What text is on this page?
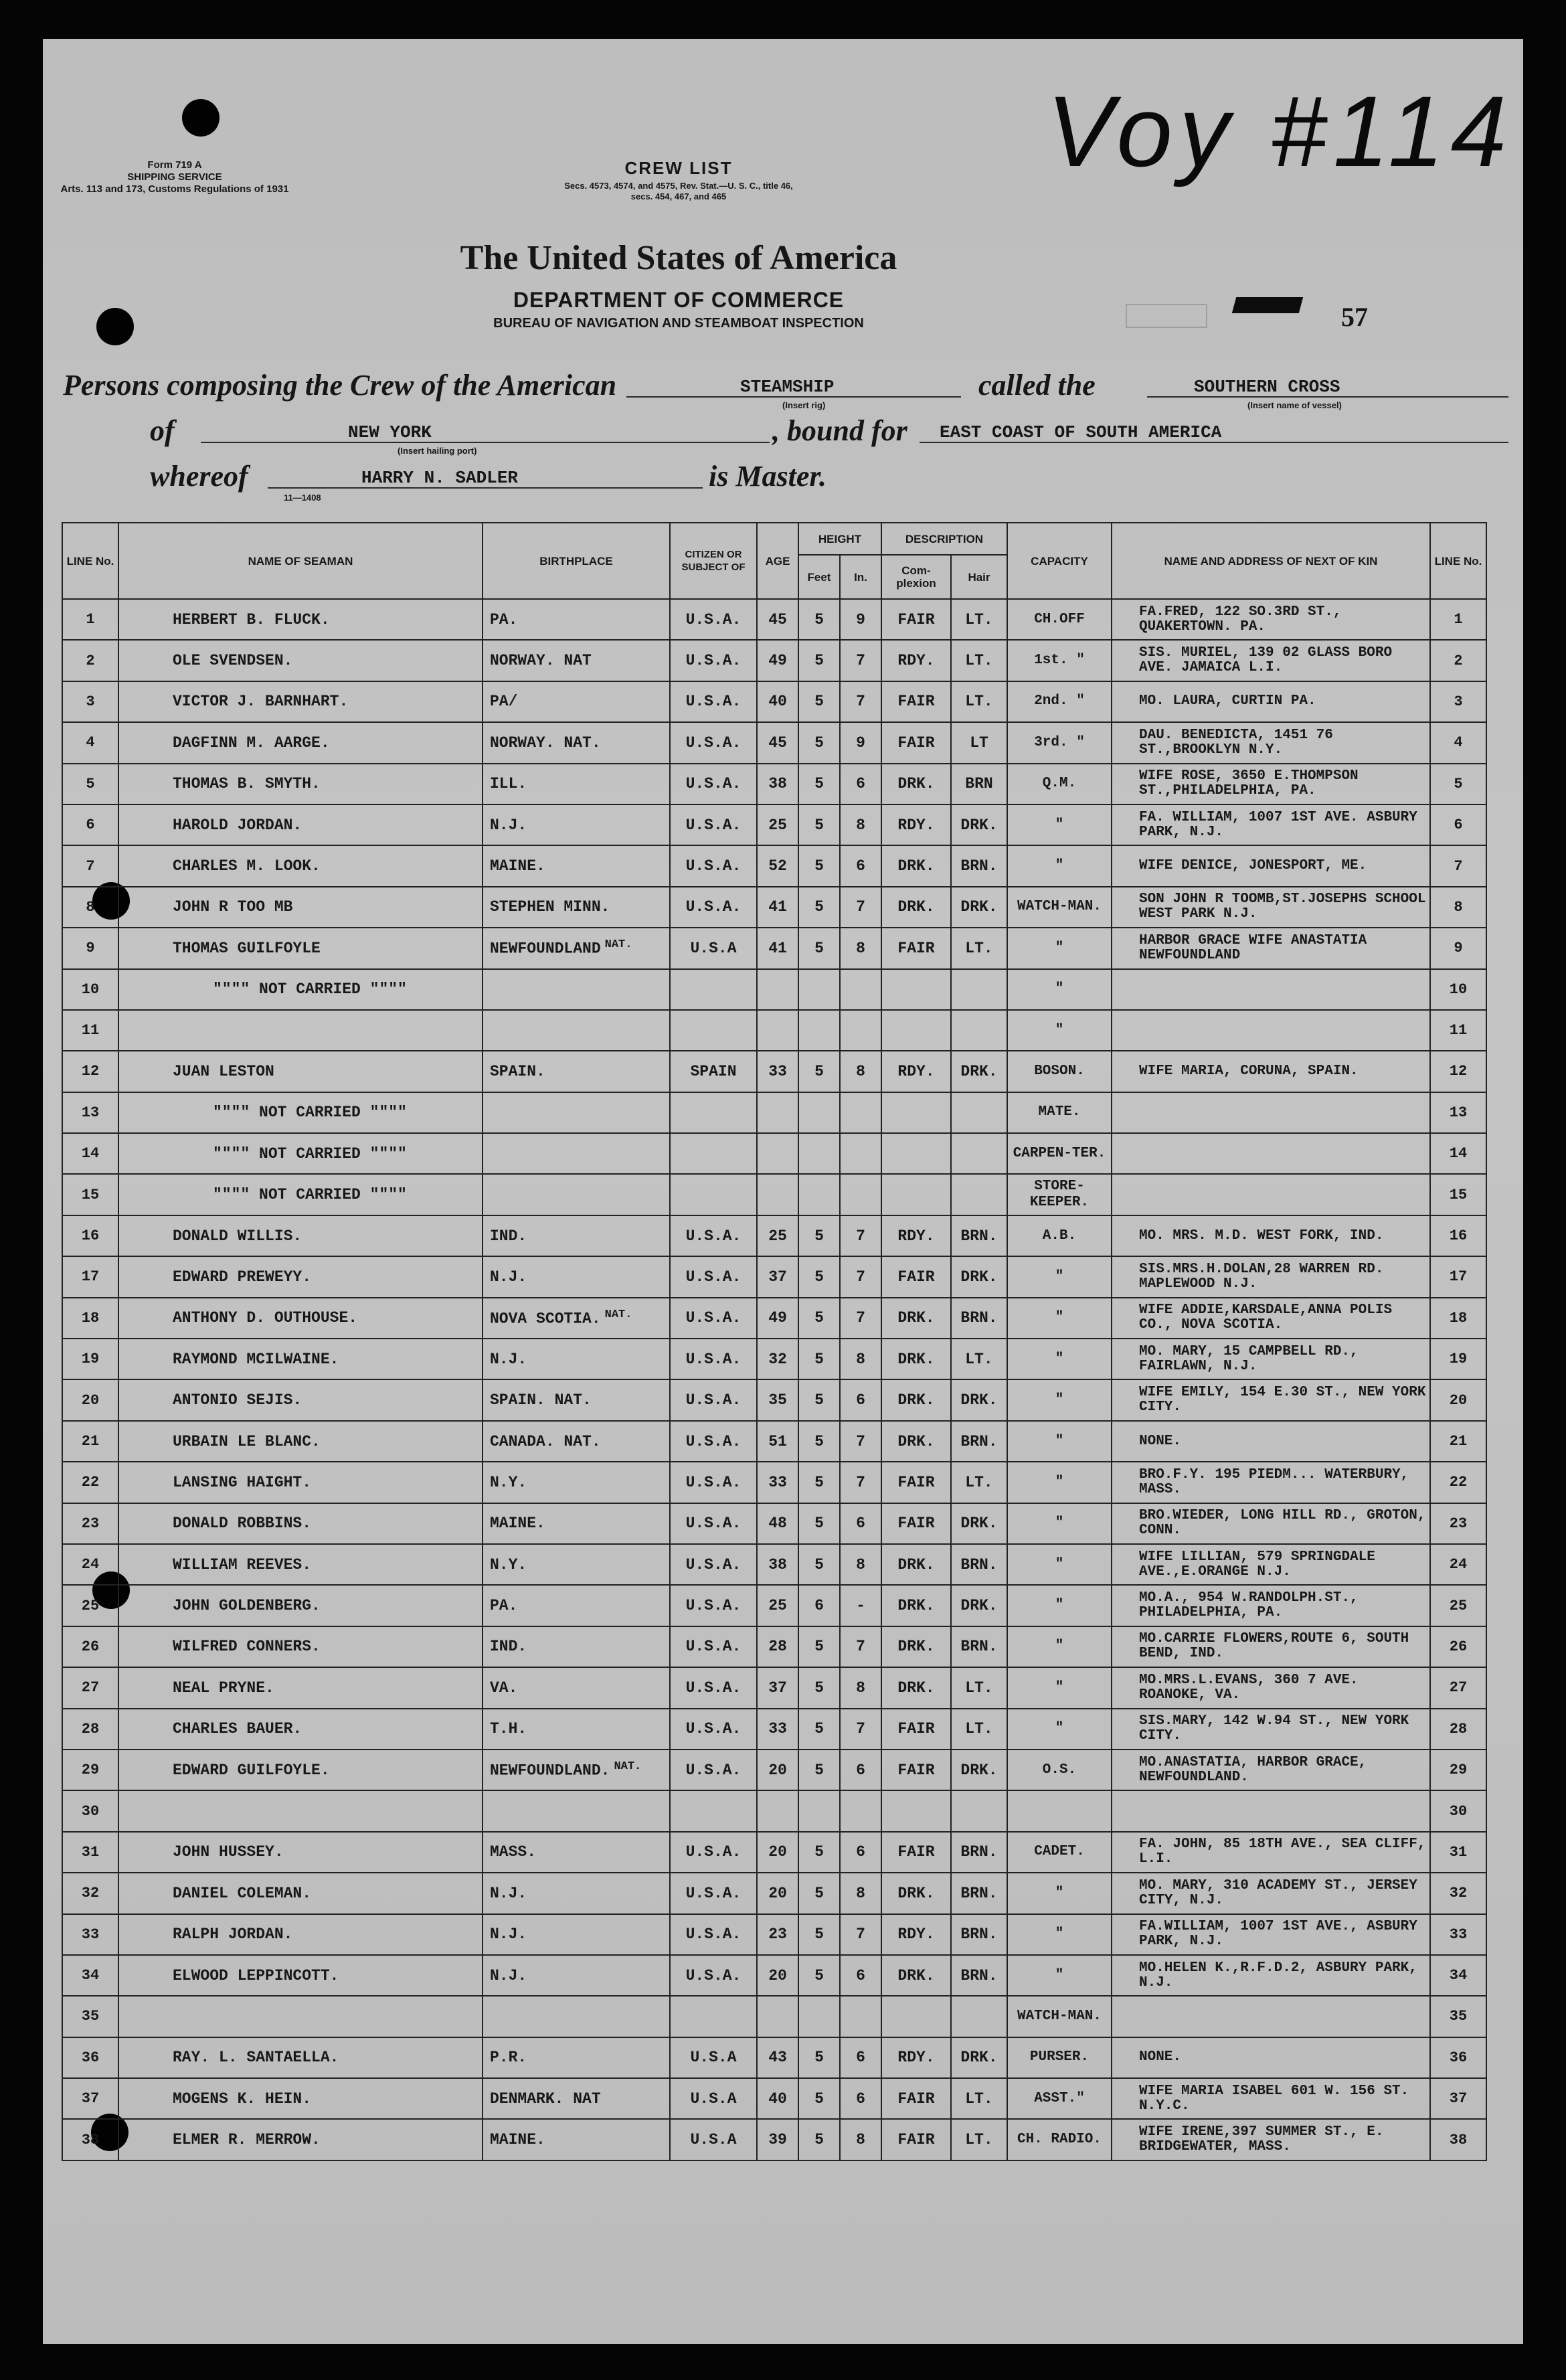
Form 719 A
SHIPPING SERVICE
Arts. 113 and 173, Customs Regulations of 1931
CREW LIST
Secs. 4573, 4574, and 4575, Rev. Stat.—U. S. C., title 46,
secs. 454, 467, and 465
The United States of America
DEPARTMENT OF COMMERCE
BUREAU OF NAVIGATION AND STEAMBOAT INSPECTION
Voy #114
57
Persons composing the Crew of the American	STEAMSHIP
(Insert rig)
called the	SOUTHERN CROSS
(Insert name of vessel)
of	NEW YORK
(Insert hailing port)
, bound for	EAST COAST OF SOUTH AMERICA
whereof	HARRY N. SADLER	is Master.
11—1408
LINE No.	NAME OF SEAMAN	BIRTHPLACE	CITIZEN OR SUBJECT OF	AGE	HEIGHT		DESCRIPTION		CAPACITY	NAME AND ADDRESS OF NEXT OF KIN	LINE No.
					Feet	In.	Com-plexion	Hair			
1	HERBERT B. FLUCK.	PA.	U.S.A.	45	5	9	FAIR	LT.	CH.OFF	FA.FRED, 122 SO.3RD ST., QUAKERTOWN. PA.	1
2	OLE SVENDSEN.	NORWAY. NAT	U.S.A.	49	5	7	RDY.	LT.	1st. "	SIS. MURIEL, 139 02 GLASS BORO AVE. JAMAICA L.I.	2
3	VICTOR J. BARNHART.	PA/	U.S.A.	40	5	7	FAIR	LT.	2nd. "	MO. LAURA, CURTIN PA.	3
4	DAGFINN M. AARGE.	NORWAY. NAT.	U.S.A.	45	5	9	FAIR	LT	3rd. "	DAU. BENEDICTA, 1451 76 ST.,BROOKLYN N.Y.	4
5	THOMAS B. SMYTH.	ILL.	U.S.A.	38	5	6	DRK.	BRN	Q.M.	WIFE ROSE, 3650 E.THOMPSON ST.,PHILADELPHIA, PA.	5
6	HAROLD JORDAN.	N.J.	U.S.A.	25	5	8	RDY.	DRK.	"	FA. WILLIAM, 1007 1ST AVE. ASBURY PARK, N.J.	6
7	CHARLES M. LOOK.	MAINE.	U.S.A.	52	5	6	DRK.	BRN.	"	WIFE DENICE, JONESPORT, ME.	7
8	JOHN R TOO MB	STEPHEN MINN.	U.S.A.	41	5	7	DRK.	DRK.	WATCH-MAN.	SON JOHN R TOOMB,ST.JOSEPHS SCHOOL WEST PARK N.J.	8
9	THOMAS GUILFOYLE	NEWFOUNDLAND $^{NAT.}$	U.S.A	41	5	8	FAIR	LT.	"	HARBOR GRACE WIFE ANASTATIA NEWFOUNDLAND	9
10	"""" NOT CARRIED """"								"		10
11									"		11
12	JUAN LESTON	SPAIN.	SPAIN	33	5	8	RDY.	DRK.	BOSON.	WIFE MARIA, CORUNA, SPAIN.	12
13	"""" NOT CARRIED """"								MATE.		13
14	"""" NOT CARRIED """"								CARPEN-TER.		14
15	"""" NOT CARRIED """"								STORE-KEEPER.		15
16	DONALD WILLIS.	IND.	U.S.A.	25	5	7	RDY.	BRN.	A.B.	MO. MRS. M.D. WEST FORK, IND.	16
17	EDWARD PREWEYY.	N.J.	U.S.A.	37	5	7	FAIR	DRK.	"	SIS.MRS.H.DOLAN,28 WARREN RD. MAPLEWOOD N.J.	17
18	ANTHONY D. OUTHOUSE.	NOVA SCOTIA. $^{NAT.}$	U.S.A.	49	5	7	DRK.	BRN.	"	WIFE ADDIE,KARSDALE,ANNA POLIS CO., NOVA SCOTIA.	18
19	RAYMOND MCILWAINE.	N.J.	U.S.A.	32	5	8	DRK.	LT.	"	MO. MARY, 15 CAMPBELL RD., FAIRLAWN, N.J.	19
20	ANTONIO SEJIS.	SPAIN. NAT.	U.S.A.	35	5	6	DRK.	DRK.	"	WIFE EMILY, 154 E.30 ST., NEW YORK CITY.	20
21	URBAIN LE BLANC.	CANADA. NAT.	U.S.A.	51	5	7	DRK.	BRN.	"	NONE.	21
22	LANSING HAIGHT.	N.Y.	U.S.A.	33	5	7	FAIR	LT.	"	BRO.F.Y. 195 PIEDM... WATERBURY, MASS.	22
23	DONALD ROBBINS.	MAINE.	U.S.A.	48	5	6	FAIR	DRK.	"	BRO.WIEDER, LONG HILL RD., GROTON, CONN.	23
24	WILLIAM REEVES.	N.Y.	U.S.A.	38	5	8	DRK.	BRN.	"	WIFE LILLIAN, 579 SPRINGDALE AVE.,E.ORANGE N.J.	24
25	JOHN GOLDENBERG.	PA.	U.S.A.	25	6	-	DRK.	DRK.	"	MO.A., 954 W.RANDOLPH.ST., PHILADELPHIA, PA.	25
26	WILFRED CONNERS.	IND.	U.S.A.	28	5	7	DRK.	BRN.	"	MO.CARRIE FLOWERS,ROUTE 6, SOUTH BEND, IND.	26
27	NEAL PRYNE.	VA.	U.S.A.	37	5	8	DRK.	LT.	"	MO.MRS.L.EVANS, 360 7 AVE. ROANOKE, VA.	27
28	CHARLES BAUER.	T.H.	U.S.A.	33	5	7	FAIR	LT.	"	SIS.MARY, 142 W.94 ST., NEW YORK CITY.	28
29	EDWARD GUILFOYLE.	NEWFOUNDLAND. $^{NAT.}$	U.S.A.	20	5	6	FAIR	DRK.	O.S.	MO.ANASTATIA, HARBOR GRACE, NEWFOUNDLAND.	29
30											30
31	JOHN HUSSEY.	MASS.	U.S.A.	20	5	6	FAIR	BRN.	CADET.	FA. JOHN, 85 18TH AVE., SEA CLIFF, L.I.	31
32	DANIEL COLEMAN.	N.J.	U.S.A.	20	5	8	DRK.	BRN.	"	MO. MARY, 310 ACADEMY ST., JERSEY CITY, N.J.	32
33	RALPH JORDAN.	N.J.	U.S.A.	23	5	7	RDY.	BRN.	"	FA.WILLIAM, 1007 1ST AVE., ASBURY PARK, N.J.	33
34	ELWOOD LEPPINCOTT.	N.J.	U.S.A.	20	5	6	DRK.	BRN.	"	MO.HELEN K.,R.F.D.2, ASBURY PARK, N.J.	34
35									WATCH-MAN.		35
36	RAY. L. SANTAELLA.	P.R.	U.S.A	43	5	6	RDY.	DRK.	PURSER.	NONE.	36
37	MOGENS K. HEIN.	DENMARK. NAT	U.S.A	40	5	6	FAIR	LT.	ASST."	WIFE MARIA ISABEL 601 W. 156 ST. N.Y.C.	37
38	ELMER R. MERROW.	MAINE.	U.S.A	39	5	8	FAIR	LT.	CH. RADIO.	WIFE IRENE,397 SUMMER ST., E. BRIDGEWATER, MASS.	38
